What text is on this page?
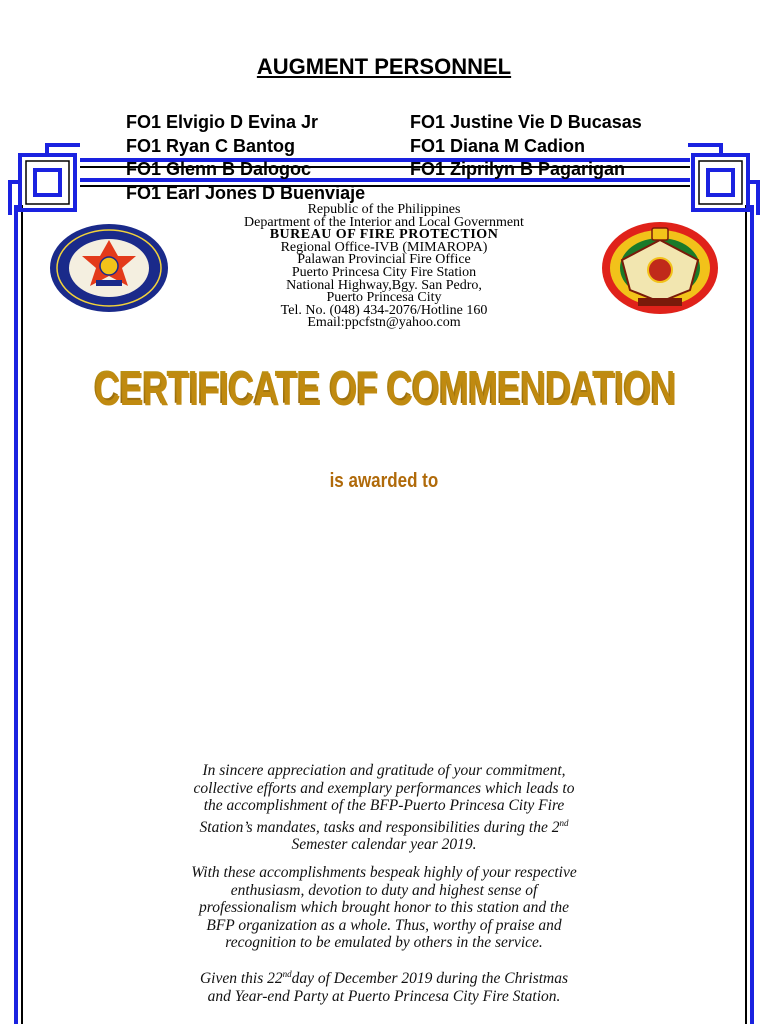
AUGMENT PERSONNEL
FO1 Elvigio D Evina Jr
FO1 Ryan C Bantog
FO1 Glenn B Dalogoc
FO1 Earl Jones D Buenviaje
FO1 Justine Vie D Bucasas
FO1 Diana M Cadion
FO1 Ziprilyn B Pagarigan
Republic of the Philippines
Department of the Interior and Local Government
BUREAU OF FIRE PROTECTION
Regional Office-IVB (MIMAROPA)
Palawan Provincial Fire Office
Puerto Princesa City Fire Station
National Highway,Bgy. San Pedro,
Puerto Princesa City
Tel. No. (048) 434-2076/Hotline 160
Email:ppcfstn@yahoo.com
CERTIFICATE OF COMMENDATION
is awarded to
In sincere appreciation and gratitude of your commitment,
collective efforts and exemplary performances which leads to
the accomplishment of the BFP-Puerto Princesa City Fire
Station’s mandates, tasks and responsibilities during the 2nd
Semester calendar year 2019.
With these accomplishments bespeak highly of your respective
enthusiasm, devotion to duty and highest sense of
professionalism which brought honor to this station and the
BFP organization as a whole. Thus, worthy of praise and
recognition to be emulated by others in the service.
Given this 22ndday of December 2019 during the Christmas
and Year-end Party at Puerto Princesa City Fire Station.
